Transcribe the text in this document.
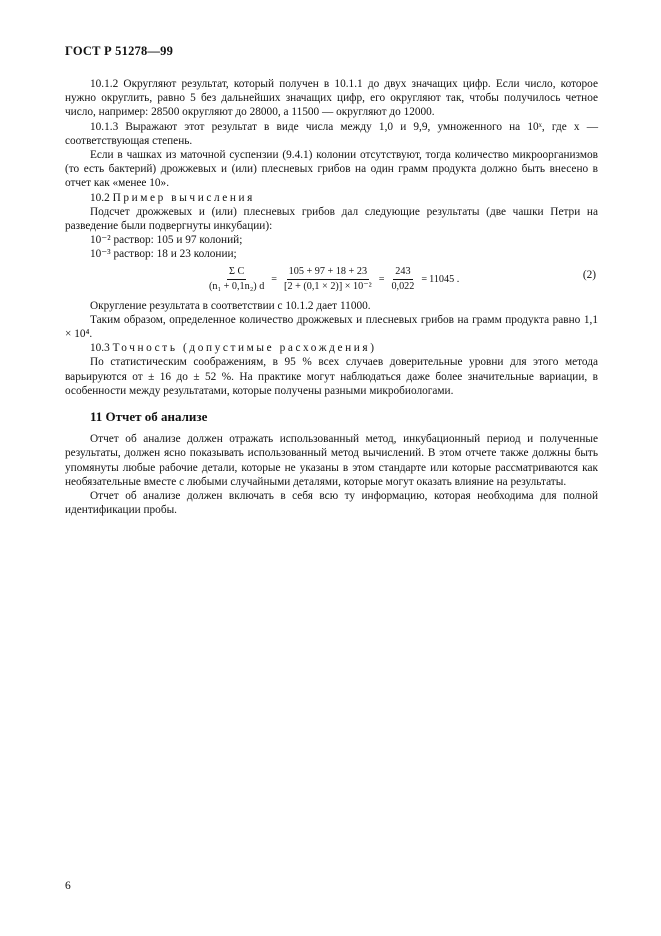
ГОСТ Р 51278—99

10.1.2 Округляют результат, который получен в 10.1.1 до двух значащих цифр. Если число, которое нужно округлить, равно 5 без дальнейших значащих цифр, его округляют так, чтобы получилось четное число, например: 28500 округляют до 28000, а 11500 — округляют до 12000.

10.1.3 Выражают этот результат в виде числа между 1,0 и 9,9, умноженного на 10ˣ, где x — соответствующая степень.

Если в чашках из маточной суспензии (9.4.1) колонии отсутствуют, тогда количество микроорганизмов (то есть бактерий) дрожжевых и (или) плесневых грибов на один грамм продукта должно быть внесено в отчет как «менее 10».

10.2 Пример вычисления

Подсчет дрожжевых и (или) плесневых грибов дал следующие результаты (две чашки Петри на разведение были подвергнуты инкубации):

10⁻² раствор: 105 и 97 колоний;

10⁻³ раствор: 18 и 23 колонии;

$\frac{\text{Σ C}}{\text{(n₁ + 0,1n₂) d}} = \frac{105 + 97 + 18 + 23}{\text{[2 + (0,1 × 2)] × 10⁻²}} = \frac{243}{0,022} = 11045$ .	(2)

Округление результата в соответствии с 10.1.2 дает 11000.

Таким образом, определенное количество дрожжевых и плесневых грибов на грамм продукта равно 1,1 × 10⁴.

10.3 Точность (допустимые расхождения)

По статистическим соображениям, в 95 % всех случаев доверительные уровни для этого метода варьируются от ± 16 до ± 52 %. На практике могут наблюдаться даже более значительные вариации, в особенности между результатами, которые получены разными микробиологами.

11 Отчет об анализе

Отчет об анализе должен отражать использованный метод, инкубационный период и полученные результаты, должен ясно показывать использованный метод вычислений. В этом отчете также должны быть упомянуты любые рабочие детали, которые не указаны в этом стандарте или которые рассматриваются как необязательные вместе с любыми случайными деталями, которые могут оказать влияние на результаты.

Отчет об анализе должен включать в себя всю ту информацию, которая необходима для полной идентификации пробы.

6
